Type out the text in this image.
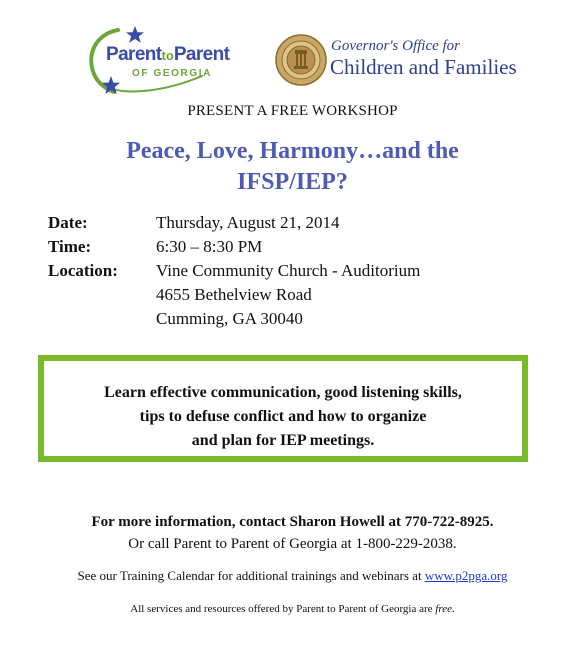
ParenttoParent
OF GEORGIA
Governor's Office for
Children and Families
PRESENT A FREE WORKSHOP
Peace, Love, Harmony…and the
IFSP/IEP?
Date:	Thursday, August 21, 2014
Time:	6:30 – 8:30 PM
Location: Vine Community Church - Auditorium
4655 Bethelview Road
Cumming, GA 30040
Learn effective communication, good listening skills,
tips to defuse conflict and how to organize
and plan for IEP meetings.
For more information, contact Sharon Howell at 770-722-8925.
Or call Parent to Parent of Georgia at 1-800-229-2038.
See our Training Calendar for additional trainings and webinars at www.p2pga.org
All services and resources offered by Parent to Parent of Georgia are free.
